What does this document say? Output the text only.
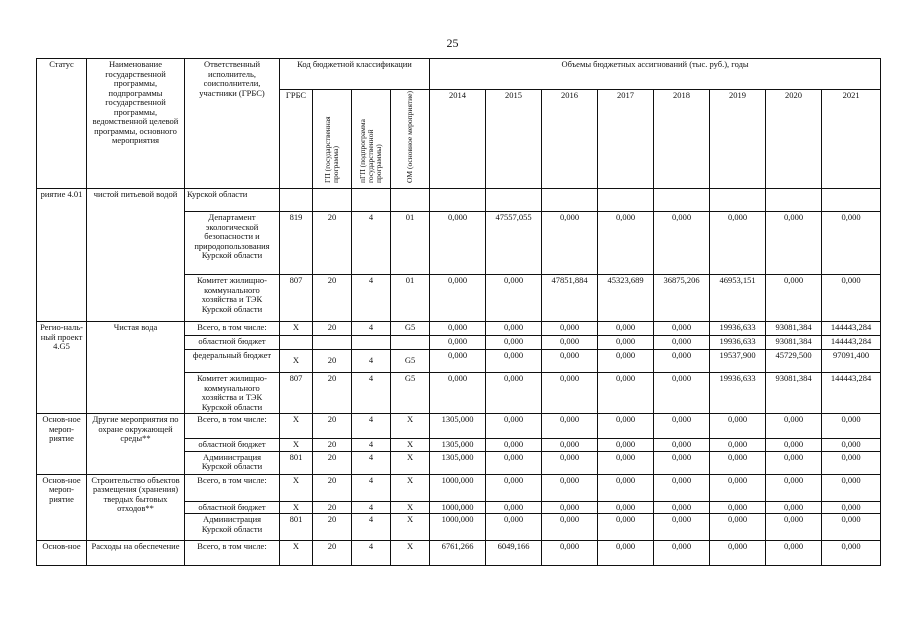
25
Статус	Наименование государственной программы, подпрограммы государственной программы, ведомственной целевой программы, основного мероприятия	Ответственный исполнитель, соисполнители, участники (ГРБС)	Код бюджетной классификации				Объемы бюджетных ассигнований (тыс. руб.), годы							
			ГРБС	ГП (государственная программа)	пГП (подпрограмма государственной программы)	ОМ (основное мероприятие)	2014	2015	2016	2017	2018	2019	2020	2021
риятие 4.01	чистой питьевой водой	Курской области												
		Департамент экологической безопасности и природопользования Курской области	819	20	4	01	0,000	47557,055	0,000	0,000	0,000	0,000	0,000	0,000
		Комитет жилищно-коммунального хозяйства и ТЭК Курской области	807	20	4	01	0,000	0,000	47851,884	45323,689	36875,206	46953,151	0,000	0,000
Регио-наль-ный проект 4.G5	Чистая вода	Всего, в том числе:	X	20	4	G5	0,000	0,000	0,000	0,000	0,000	19936,633	93081,384	144443,284
		областной бюджет					0,000	0,000	0,000	0,000	0,000	19936,633	93081,384	144443,284
		федеральный бюджет	X	20	4	G5	0,000	0,000	0,000	0,000	0,000	19537,900	45729,500	97091,400
		Комитет жилищно-коммунального хозяйства и ТЭК Курской области	807	20	4	G5	0,000	0,000	0,000	0,000	0,000	19936,633	93081,384	144443,284
Основ-ное мероп-риятие	Другие мероприятия по охране окружающей среды**	Всего, в том числе:	X	20	4	X	1305,000	0,000	0,000	0,000	0,000	0,000	0,000	0,000
		областной бюджет	X	20	4	X	1305,000	0,000	0,000	0,000	0,000	0,000	0,000	0,000
		Администрация Курской области	801	20	4	X	1305,000	0,000	0,000	0,000	0,000	0,000	0,000	0,000
Основ-ное мероп-риятие	Строительство объектов размещения (хранения) твердых бытовых отходов**	Всего, в том числе:	X	20	4	X	1000,000	0,000	0,000	0,000	0,000	0,000	0,000	0,000
		областной бюджет	X	20	4	X	1000,000	0,000	0,000	0,000	0,000	0,000	0,000	0,000
		Администрация Курской области	801	20	4	X	1000,000	0,000	0,000	0,000	0,000	0,000	0,000	0,000
Основ-ное	Расходы на обеспечение	Всего, в том числе:	X	20	4	X	6761,266	6049,166	0,000	0,000	0,000	0,000	0,000	0,000
